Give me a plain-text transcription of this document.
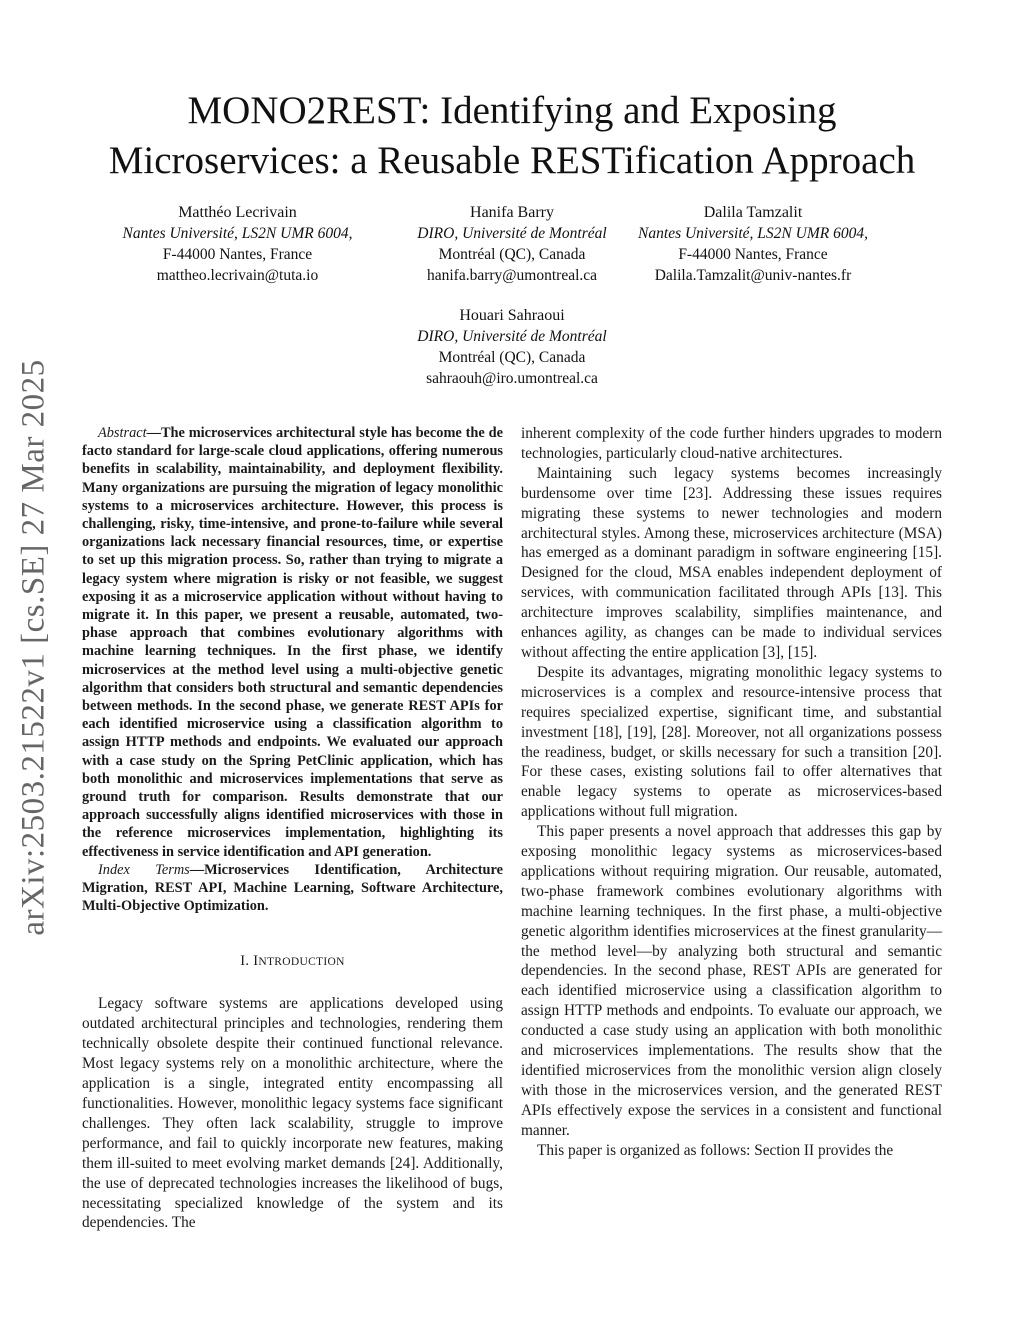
arXiv:2503.21522v1 [cs.SE] 27 Mar 2025
MONO2REST: Identifying and Exposing
Microservices: a Reusable RESTification Approach
Matthéo Lecrivain
Nantes Université, LS2N UMR 6004,
F-44000 Nantes, France
mattheo.lecrivain@tuta.io
Hanifa Barry
DIRO, Université de Montréal
Montréal (QC), Canada
hanifa.barry@umontreal.ca
Dalila Tamzalit
Nantes Université, LS2N UMR 6004,
F-44000 Nantes, France
Dalila.Tamzalit@univ-nantes.fr
Houari Sahraoui
DIRO, Université de Montréal
Montréal (QC), Canada
sahraouh@iro.umontreal.ca

Abstract—The microservices architectural style has become the de facto standard for large-scale cloud applications, offering numerous benefits in scalability, maintainability, and deployment flexibility. Many organizations are pursuing the migration of legacy monolithic systems to a microservices architecture. However, this process is challenging, risky, time-intensive, and prone-to-failure while several organizations lack necessary financial resources, time, or expertise to set up this migration process. So, rather than trying to migrate a legacy system where migration is risky or not feasible, we suggest exposing it as a microservice application without without having to migrate it. In this paper, we present a reusable, automated, two-phase approach that combines evolutionary algorithms with machine learning techniques. In the first phase, we identify microservices at the method level using a multi-objective genetic algorithm that considers both structural and semantic dependencies between methods. In the second phase, we generate REST APIs for each identified microservice using a classification algorithm to assign HTTP methods and endpoints. We evaluated our approach with a case study on the Spring PetClinic application, which has both monolithic and microservices implementations that serve as ground truth for comparison. Results demonstrate that our approach successfully aligns identified microservices with those in the reference microservices implementation, highlighting its effectiveness in service identification and API generation.

Index Terms—Microservices Identification, Architecture Migration, REST API, Machine Learning, Software Architecture, Multi-Objective Optimization.

I. INTRODUCTION

Legacy software systems are applications developed using outdated architectural principles and technologies, rendering them technically obsolete despite their continued functional relevance. Most legacy systems rely on a monolithic architecture, where the application is a single, integrated entity encompassing all functionalities. However, monolithic legacy systems face significant challenges. They often lack scalability, struggle to improve performance, and fail to quickly incorporate new features, making them ill-suited to meet evolving market demands [24]. Additionally, the use of deprecated technologies increases the likelihood of bugs, necessitating specialized knowledge of the system and its dependencies. The

inherent complexity of the code further hinders upgrades to modern technologies, particularly cloud-native architectures.

Maintaining such legacy systems becomes increasingly burdensome over time [23]. Addressing these issues requires migrating these systems to newer technologies and modern architectural styles. Among these, microservices architecture (MSA) has emerged as a dominant paradigm in software engineering [15]. Designed for the cloud, MSA enables independent deployment of services, with communication facilitated through APIs [13]. This architecture improves scalability, simplifies maintenance, and enhances agility, as changes can be made to individual services without affecting the entire application [3], [15].

Despite its advantages, migrating monolithic legacy systems to microservices is a complex and resource-intensive process that requires specialized expertise, significant time, and substantial investment [18], [19], [28]. Moreover, not all organizations possess the readiness, budget, or skills necessary for such a transition [20]. For these cases, existing solutions fail to offer alternatives that enable legacy systems to operate as microservices-based applications without full migration.

This paper presents a novel approach that addresses this gap by exposing monolithic legacy systems as microservices-based applications without requiring migration. Our reusable, automated, two-phase framework combines evolutionary algorithms with machine learning techniques. In the first phase, a multi-objective genetic algorithm identifies microservices at the finest granularity—the method level—by analyzing both structural and semantic dependencies. In the second phase, REST APIs are generated for each identified microservice using a classification algorithm to assign HTTP methods and endpoints. To evaluate our approach, we conducted a case study using an application with both monolithic and microservices implementations. The results show that the identified microservices from the monolithic version align closely with those in the microservices version, and the generated REST APIs effectively expose the services in a consistent and functional manner.

This paper is organized as follows: Section II provides the
